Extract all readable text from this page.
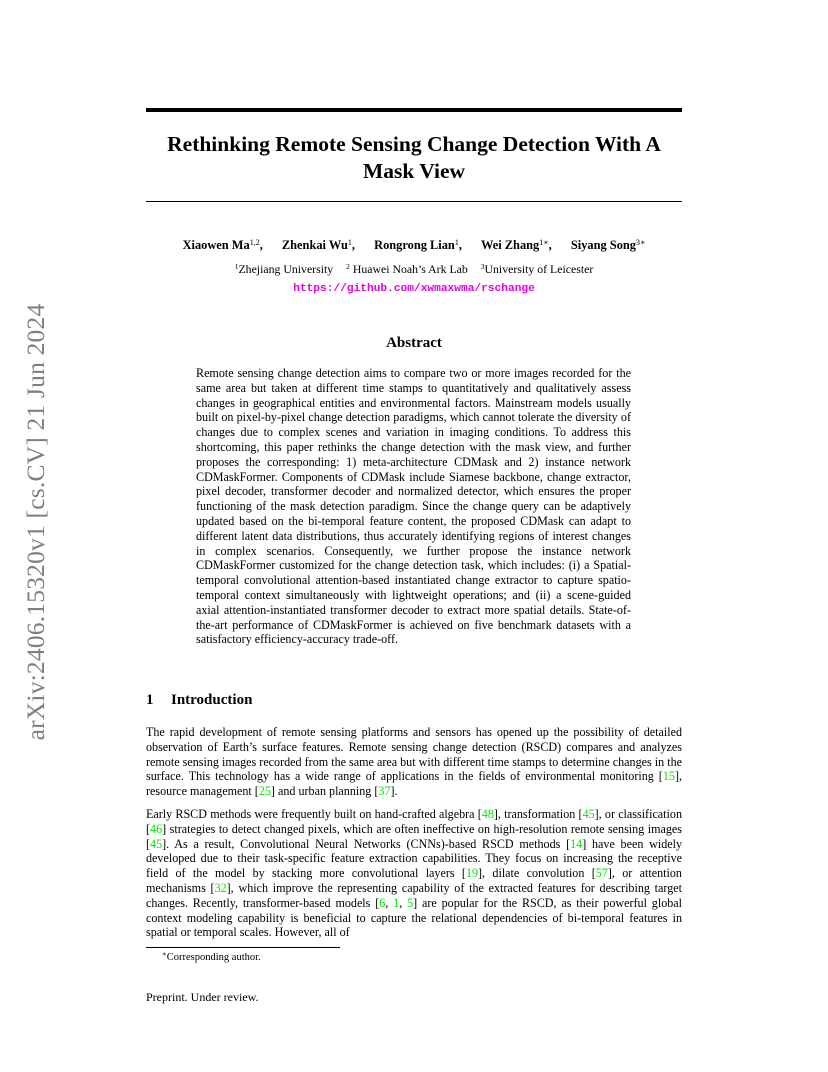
arXiv:2406.15320v1 [cs.CV] 21 Jun 2024
Rethinking Remote Sensing Change Detection With A Mask View
Xiaowen Ma$^{1,2}$, Zhenkai Wu$^1$, Rongrong Lian$^1$, Wei Zhang$^{1∗}$, Siyang Song$^{3∗}$
$^1$Zhejiang University $^2$ Huawei Noah’s Ark Lab $^3$University of Leicester
https://github.com/xwmaxwma/rschange
Abstract

Remote sensing change detection aims to compare two or more images recorded for the same area but taken at different time stamps to quantitatively and qualitatively assess changes in geographical entities and environmental factors. Mainstream models usually built on pixel-by-pixel change detection paradigms, which cannot tolerate the diversity of changes due to complex scenes and variation in imaging conditions. To address this shortcoming, this paper rethinks the change detection with the mask view, and further proposes the corresponding: 1) meta-architecture CDMask and 2) instance network CDMaskFormer. Components of CDMask include Siamese backbone, change extractor, pixel decoder, transformer decoder and normalized detector, which ensures the proper functioning of the mask detection paradigm. Since the change query can be adaptively updated based on the bi-temporal feature content, the proposed CDMask can adapt to different latent data distributions, thus accurately identifying regions of interest changes in complex scenarios. Consequently, we further propose the instance network CDMaskFormer customized for the change detection task, which includes: (i) a Spatial-temporal convolutional attention-based instantiated change extractor to capture spatio-temporal context simultaneously with lightweight operations; and (ii) a scene-guided axial attention-instantiated transformer decoder to extract more spatial details. State-of-the-art performance of CDMaskFormer is achieved on five benchmark datasets with a satisfactory efficiency-accuracy trade-off.

1 Introduction

The rapid development of remote sensing platforms and sensors has opened up the possibility of detailed observation of Earth’s surface features. Remote sensing change detection (RSCD) compares and analyzes remote sensing images recorded from the same area but with different time stamps to determine changes in the surface. This technology has a wide range of applications in the fields of environmental monitoring [15], resource management [25] and urban planning [37].

Early RSCD methods were frequently built on hand-crafted algebra [48], transformation [45], or classification [46] strategies to detect changed pixels, which are often ineffective on high-resolution remote sensing images [45]. As a result, Convolutional Neural Networks (CNNs)-based RSCD methods [14] have been widely developed due to their task-specific feature extraction capabilities. They focus on increasing the receptive field of the model by stacking more convolutional layers [19], dilate convolution [57], or attention mechanisms [32], which improve the representing capability of the extracted features for describing target changes. Recently, transformer-based models [6, 1, 5] are popular for the RSCD, as their powerful global context modeling capability is beneficial to capture the relational dependencies of bi-temporal features in spatial or temporal scales. However, all of

∗Corresponding author.
Preprint. Under review.
